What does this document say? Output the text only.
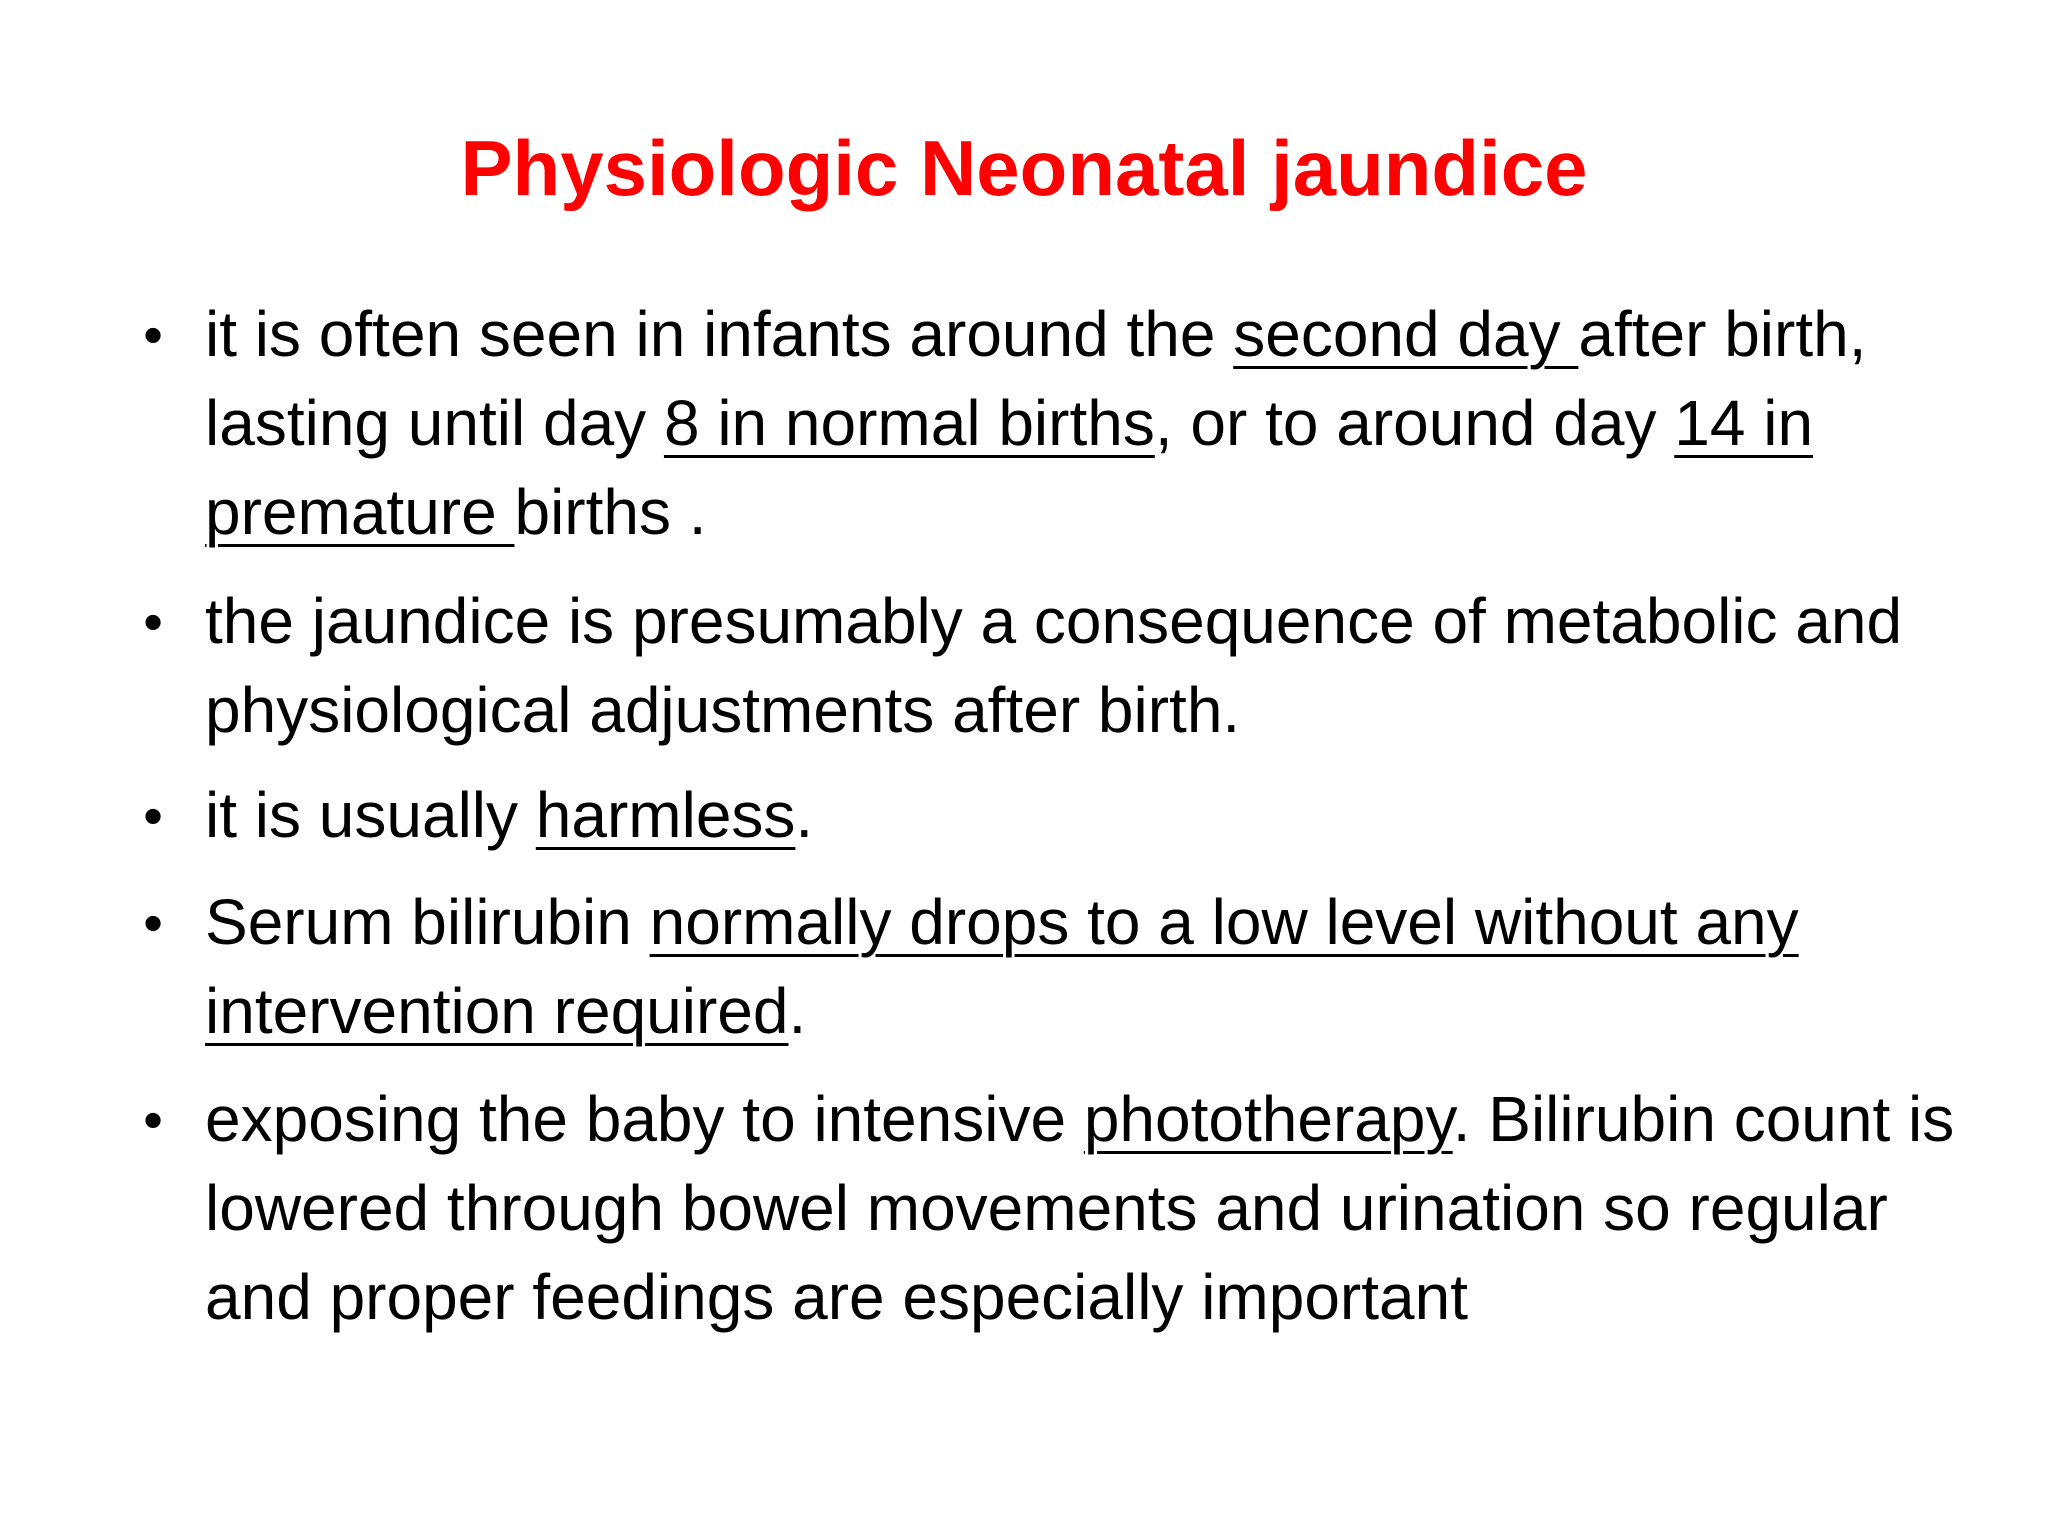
Physiologic Neonatal jaundice
• it is often seen in infants around the second day after birth, lasting until day 8 in normal births, or to around day 14 in premature births .
• the jaundice is presumably a consequence of metabolic and physiological adjustments after birth.
• it is usually harmless.
• Serum bilirubin normally drops to a low level without any intervention required.
• exposing the baby to intensive phototherapy. Bilirubin count is lowered through bowel movements and urination so regular and proper feedings are especially important
